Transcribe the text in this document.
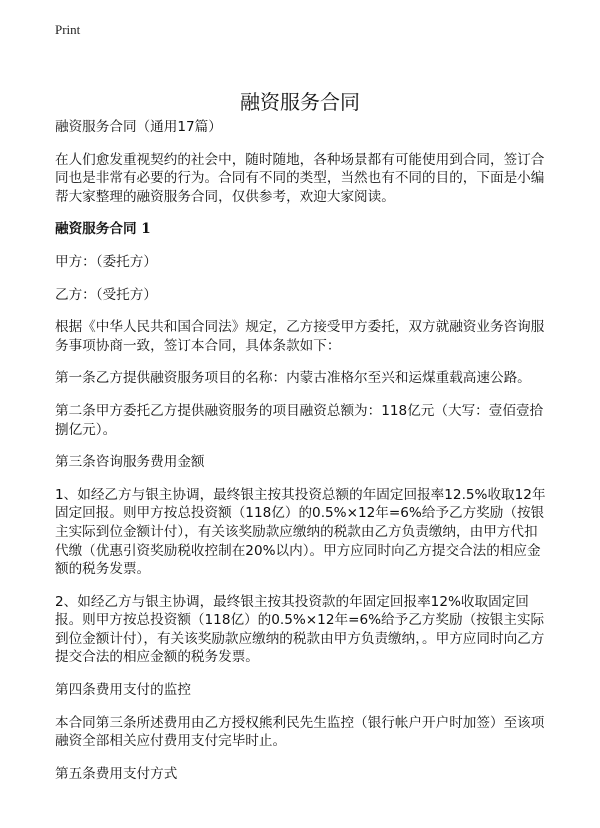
Print
融资服务合同

融资服务合同（通用17篇）

在人们愈发重视契约的社会中，随时随地，各种场景都有可能使用到合同，签订合同也是非常有必要的行为。合同有不同的类型，当然也有不同的目的，下面是小编帮大家整理的融资服务合同，仅供参考，欢迎大家阅读。

融资服务合同 1

甲方：（委托方）

乙方：（受托方）

根据《中华人民共和国合同法》规定，乙方接受甲方委托，双方就融资业务咨询服务事项协商一致，签订本合同，具体条款如下：

第一条乙方提供融资服务项目的名称：内蒙古准格尔至兴和运煤重载高速公路。

第二条甲方委托乙方提供融资服务的项目融资总额为：118亿元（大写：壹佰壹拾捌亿元）。

第三条咨询服务费用金额

1、如经乙方与银主协调，最终银主按其投资总额的年固定回报率12.5%收取12年固定回报。则甲方按总投资额（118亿）的0.5%×12年=6%给予乙方奖励（按银主实际到位金额计付），有关该奖励款应缴纳的税款由乙方负责缴纳，由甲方代扣代缴（优惠引资奖励税收控制在20%以内）。甲方应同时向乙方提交合法的相应金额的税务发票。

2、如经乙方与银主协调，最终银主按其投资款的年固定回报率12%收取固定回报。则甲方按总投资额（118亿）的0.5%×12年=6%给予乙方奖励（按银主实际到位金额计付），有关该奖励款应缴纳的税款由甲方负责缴纳，。甲方应同时向乙方提交合法的相应金额的税务发票。

第四条费用支付的监控

本合同第三条所述费用由乙方授权熊利民先生监控（银行帐户开户时加签）至该项融资全部相关应付费用支付完毕时止。

第五条费用支付方式
